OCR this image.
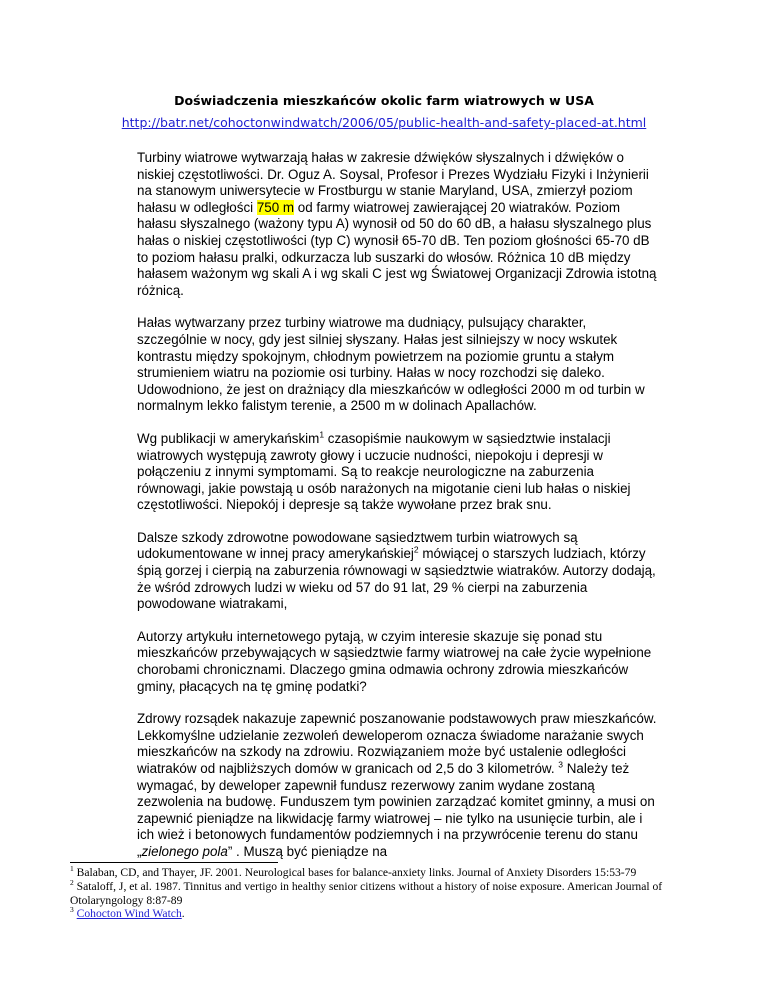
Doświadczenia mieszkańców okolic farm wiatrowych w USA
http://batr.net/cohoctonwindwatch/2006/05/public-health-and-safety-placed-at.html

Turbiny wiatrowe wytwarzają hałas w zakresie dźwięków słyszalnych i dźwięków o niskiej częstotliwości. Dr. Oguz A. Soysal, Profesor i Prezes Wydziału Fizyki i Inżynierii na stanowym uniwersytecie w Frostburgu w stanie Maryland, USA, zmierzył poziom hałasu w odległości 750 m od farmy wiatrowej zawierającej 20 wiatraków. Poziom hałasu słyszalnego (ważony typu A) wynosił od 50 do 60 dB, a hałasu słyszalnego plus hałas o niskiej częstotliwości (typ C) wynosił 65-70 dB. Ten poziom głośności 65-70 dB to poziom hałasu pralki, odkurzacza lub suszarki do włosów. Różnica 10 dB między hałasem ważonym wg skali A i wg skali C jest wg Światowej Organizacji Zdrowia istotną różnicą.

Hałas wytwarzany przez turbiny wiatrowe ma dudniący, pulsujący charakter, szczególnie w nocy, gdy jest silniej słyszany. Hałas jest silniejszy w nocy wskutek kontrastu między spokojnym, chłodnym powietrzem na poziomie gruntu a stałym strumieniem wiatru na poziomie osi turbiny. Hałas w nocy rozchodzi się daleko. Udowodniono, że jest on drażniący dla mieszkańców w odległości 2000 m od turbin w normalnym lekko falistym terenie, a 2500 m w dolinach Apallachów.

Wg publikacji w amerykańskim$^1$ czasopiśmie naukowym w sąsiedztwie instalacji wiatrowych występują zawroty głowy i uczucie nudności, niepokoju i depresji w połączeniu z innymi symptomami. Są to reakcje neurologiczne na zaburzenia równowagi, jakie powstają u osób narażonych na migotanie cieni lub hałas o niskiej częstotliwości. Niepokój i depresje są także wywołane przez brak snu.

Dalsze szkody zdrowotne powodowane sąsiedztwem turbin wiatrowych są udokumentowane w innej pracy amerykańskiej$^2$ mówiącej o starszych ludziach, którzy śpią gorzej i cierpią na zaburzenia równowagi w sąsiedztwie wiatraków. Autorzy dodają, że wśród zdrowych ludzi w wieku od 57 do 91 lat, 29 % cierpi na zaburzenia powodowane wiatrakami,

Autorzy artykułu internetowego pytają, w czyim interesie skazuje się ponad stu mieszkańców przebywających w sąsiedztwie farmy wiatrowej na całe życie wypełnione chorobami chronicznami. Dlaczego gmina odmawia ochrony zdrowia mieszkańców gminy, płacących na tę gminę podatki?

Zdrowy rozsądek nakazuje zapewnić poszanowanie podstawowych praw mieszkańców. Lekkomyślne udzielanie zezwoleń deweloperom oznacza świadome narażanie swych mieszkańców na szkody na zdrowiu. Rozwiązaniem może być ustalenie odległości wiatraków od najbliższych domów w granicach od 2,5 do 3 kilometrów. $^3$ Należy też wymagać, by deweloper zapewnił fundusz rezerwowy zanim wydane zostaną zezwolenia na budowę. Funduszem tym powinien zarządzać komitet gminny, a musi on zapewnić pieniądze na likwidację farmy wiatrowej – nie tylko na usunięcie turbin, ale i ich wież i betonowych fundamentów podziemnych i na przywrócenie terenu do stanu „zielonego pola” . Muszą być pieniądze na

$^1$ Balaban, CD, and Thayer, JF. 2001. Neurological bases for balance-anxiety links. Journal of Anxiety Disorders 15:53-79
$^2$ Sataloff, J, et al. 1987. Tinnitus and vertigo in healthy senior citizens without a history of noise exposure. American Journal of Otolaryngology 8:87-89
$^3$ Cohocton Wind Watch.
